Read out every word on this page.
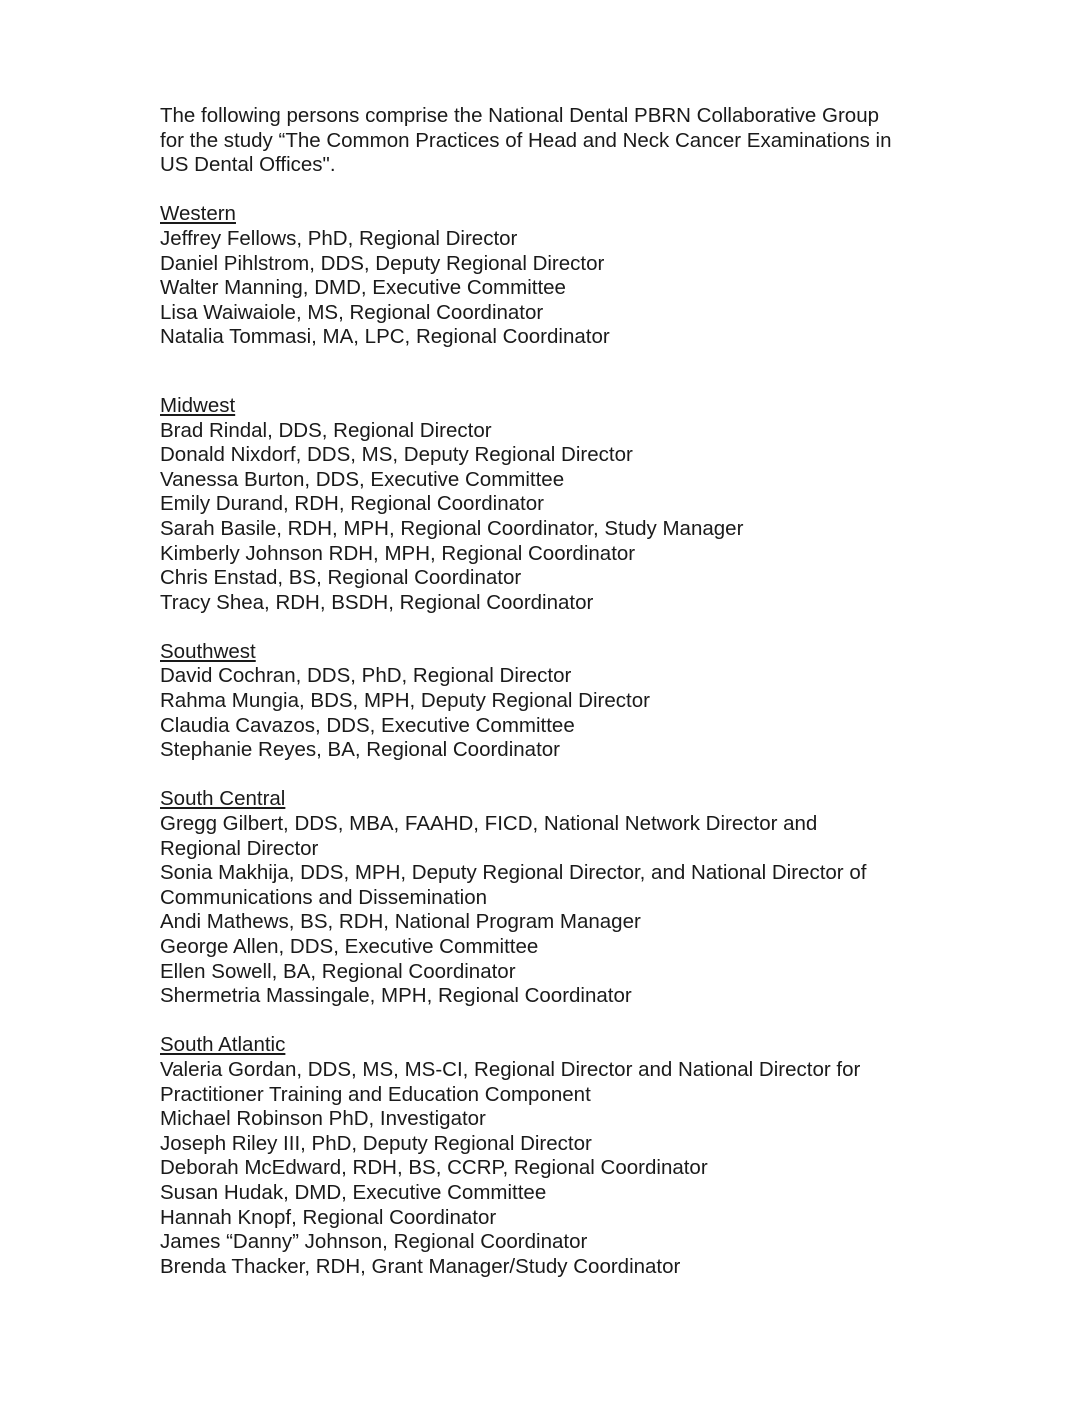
The following persons comprise the National Dental PBRN Collaborative Group
for the study “The Common Practices of Head and Neck Cancer Examinations in
US Dental Offices".
Western
Jeffrey Fellows, PhD, Regional Director
Daniel Pihlstrom, DDS, Deputy Regional Director
Walter Manning, DMD, Executive Committee
Lisa Waiwaiole, MS, Regional Coordinator
Natalia Tommasi, MA, LPC, Regional Coordinator
Midwest
Brad Rindal, DDS, Regional Director
Donald Nixdorf, DDS, MS, Deputy Regional Director
Vanessa Burton, DDS, Executive Committee
Emily Durand, RDH, Regional Coordinator
Sarah Basile, RDH, MPH, Regional Coordinator, Study Manager
Kimberly Johnson RDH, MPH, Regional Coordinator
Chris Enstad, BS, Regional Coordinator
Tracy Shea, RDH, BSDH, Regional Coordinator
Southwest
David Cochran, DDS, PhD, Regional Director
Rahma Mungia, BDS, MPH, Deputy Regional Director
Claudia Cavazos, DDS, Executive Committee
Stephanie Reyes, BA, Regional Coordinator
South Central
Gregg Gilbert, DDS, MBA, FAAHD, FICD, National Network Director and
Regional Director
Sonia Makhija, DDS, MPH, Deputy Regional Director, and National Director of
Communications and Dissemination
Andi Mathews, BS, RDH, National Program Manager
George Allen, DDS, Executive Committee
Ellen Sowell, BA, Regional Coordinator
Shermetria Massingale, MPH, Regional Coordinator
South Atlantic
Valeria Gordan, DDS, MS, MS-CI, Regional Director and National Director for
Practitioner Training and Education Component
Michael Robinson PhD, Investigator
Joseph Riley III, PhD, Deputy Regional Director
Deborah McEdward, RDH, BS, CCRP, Regional Coordinator
Susan Hudak, DMD, Executive Committee
Hannah Knopf, Regional Coordinator
James “Danny” Johnson, Regional Coordinator
Brenda Thacker, RDH, Grant Manager/Study Coordinator
